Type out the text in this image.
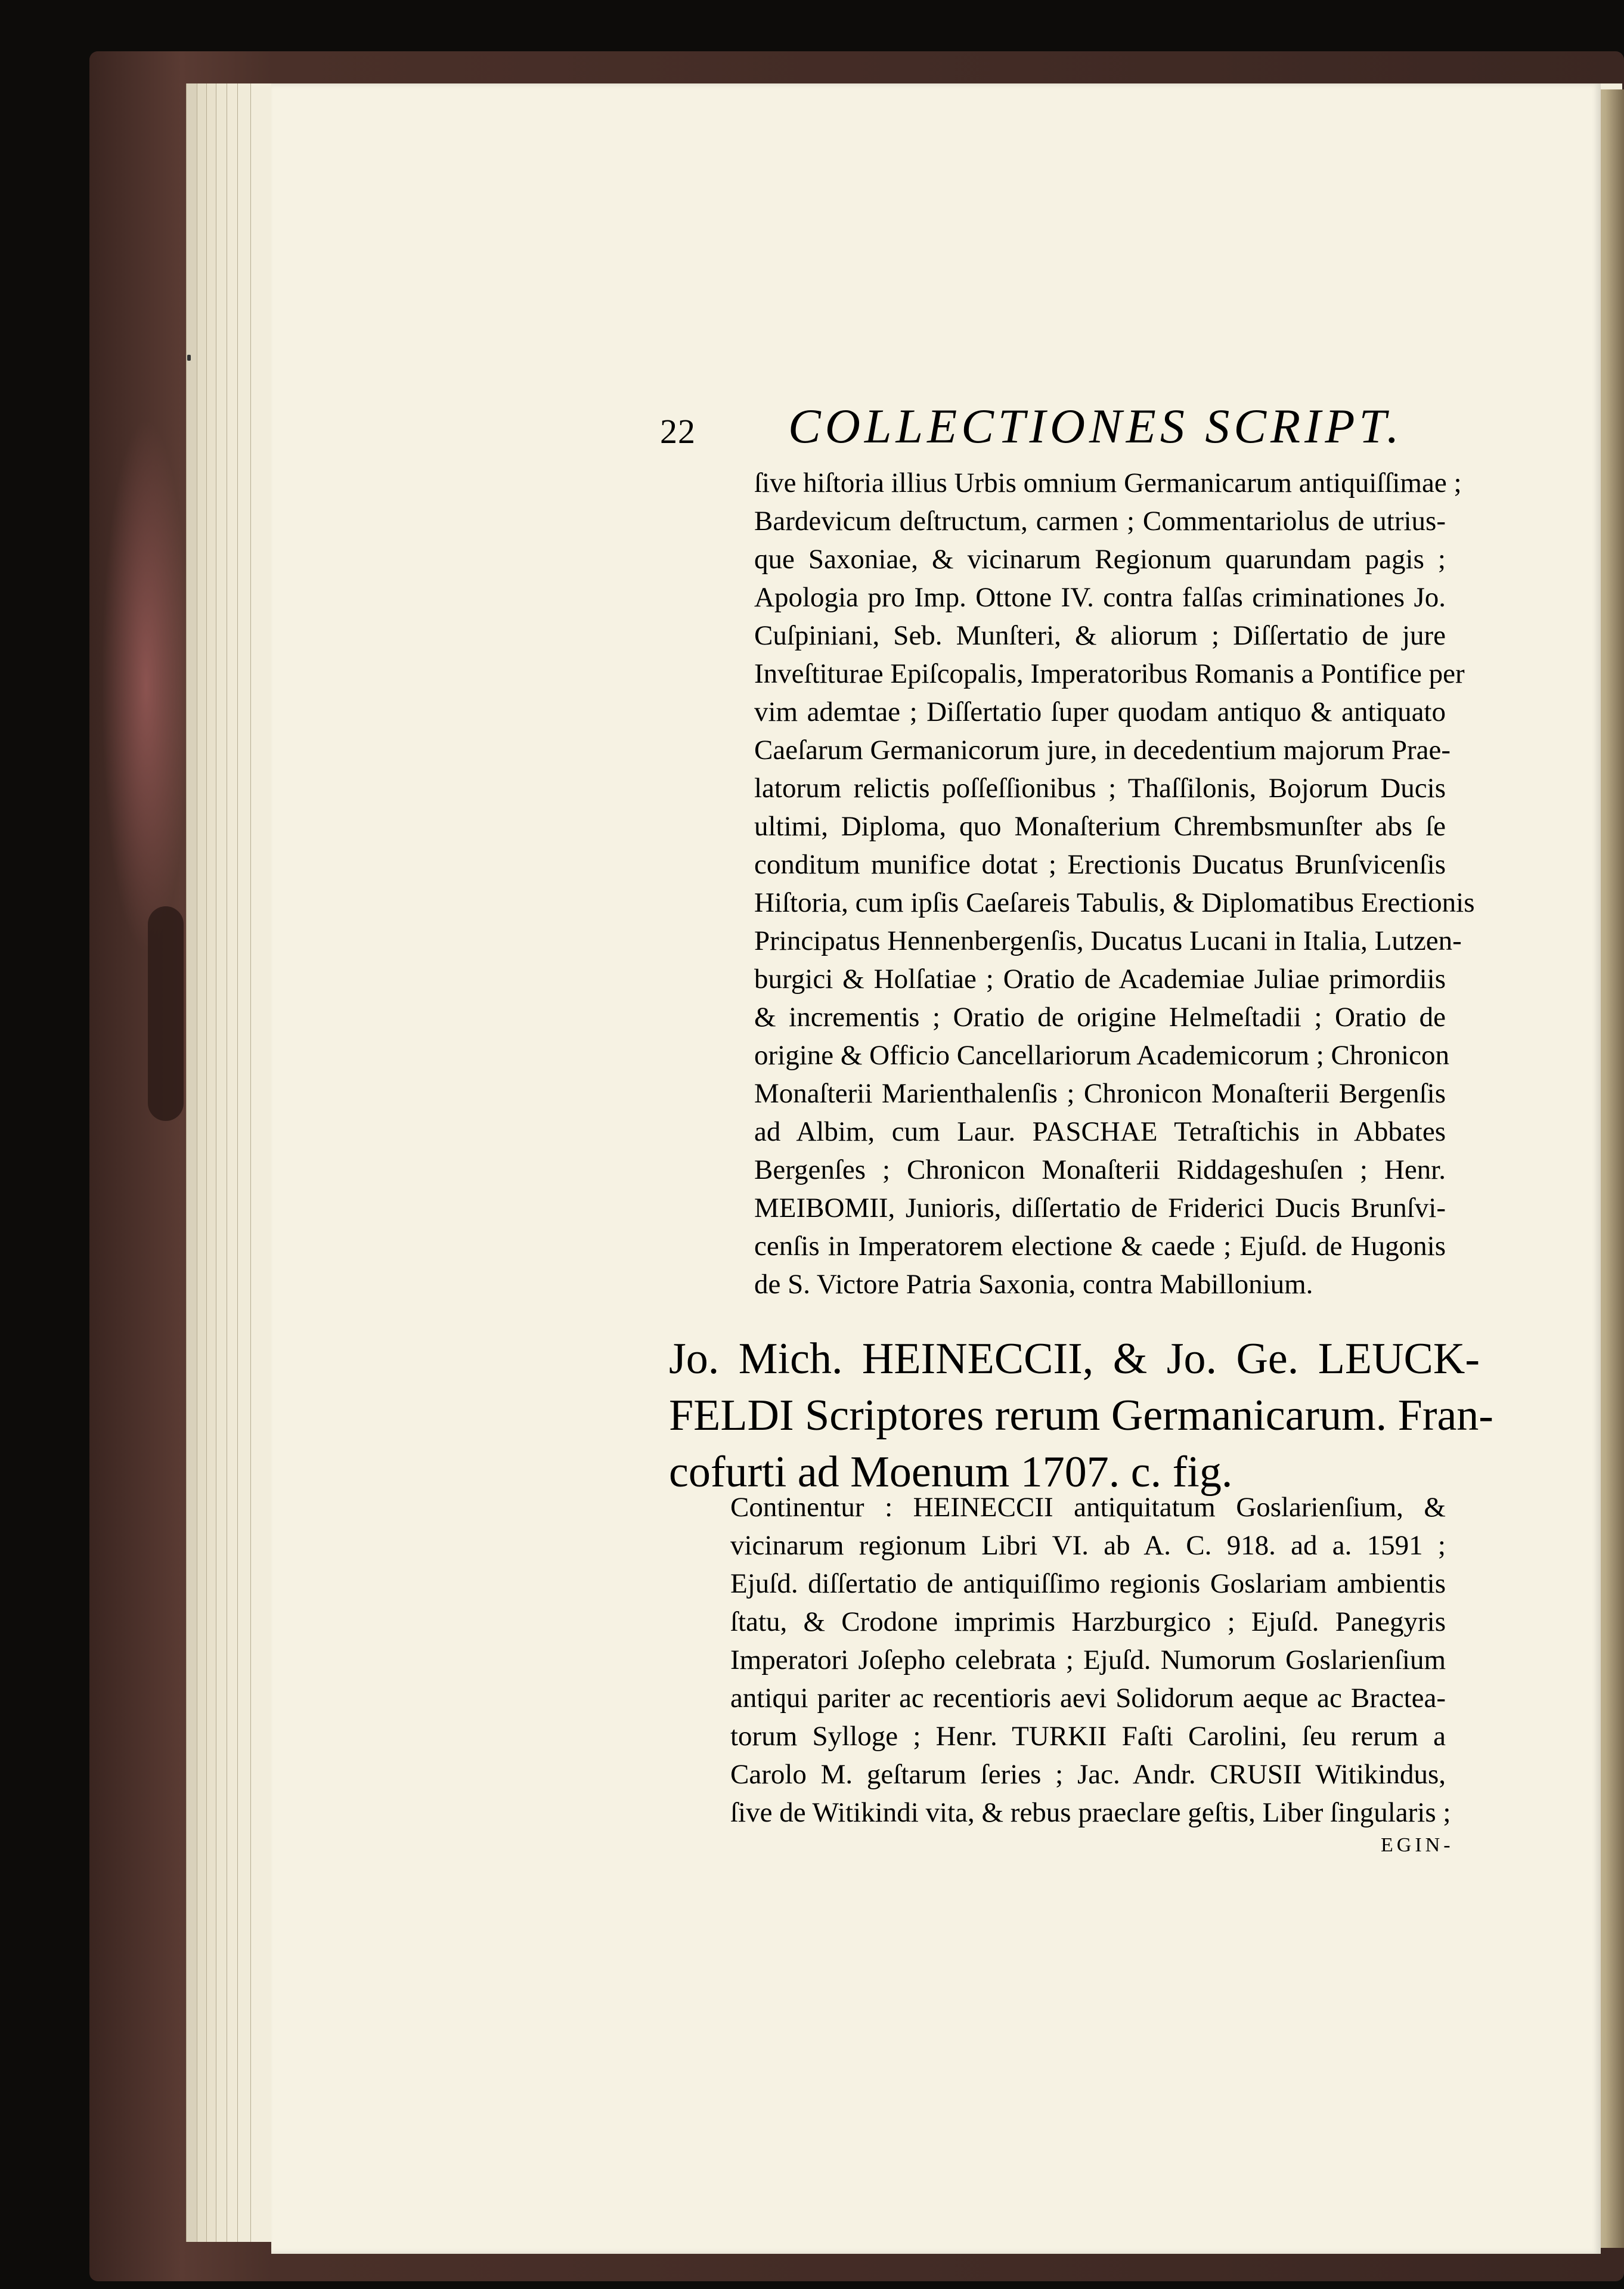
22 COLLECTIONES SCRIPT.
ſive hiſtoria illius Urbis omnium Germanicarum antiquiſſimae ;
Bardevicum deſtructum, carmen ; Commentariolus de utrius-
que Saxoniae, & vicinarum Regionum quarundam pagis ;
Apologia pro Imp. Ottone IV. contra falſas criminationes Jo.
Cuſpiniani, Seb. Munſteri, & aliorum ; Diſſertatio de jure
Inveſtiturae Epiſcopalis, Imperatoribus Romanis a Pontifice per
vim ademtae ; Diſſertatio ſuper quodam antiquo & antiquato
Caeſarum Germanicorum jure, in decedentium majorum Prae-
latorum relictis poſſeſſionibus ; Thaſſilonis, Bojorum Ducis
ultimi, Diploma, quo Monaſterium Chrembsmunſter abs ſe
conditum munifice dotat ; Erectionis Ducatus Brunſvicenſis
Hiſtoria, cum ipſis Caeſareis Tabulis, & Diplomatibus Erectionis
Principatus Hennenbergenſis, Ducatus Lucani in Italia, Lutzen-
burgici & Holſatiae ; Oratio de Academiae Juliae primordiis
& incrementis ; Oratio de origine Helmeſtadii ; Oratio de
origine & Officio Cancellariorum Academicorum ; Chronicon
Monaſterii Marienthalenſis ; Chronicon Monaſterii Bergenſis
ad Albim, cum Laur. PASCHAE Tetraſtichis in Abbates
Bergenſes ; Chronicon Monaſterii Riddageshuſen ; Henr.
MEIBOMII, Junioris, diſſertatio de Friderici Ducis Brunſvi-
cenſis in Imperatorem electione & caede ; Ejuſd. de Hugonis
de S. Victore Patria Saxonia, contra Mabillonium.
Jo. Mich. HEINECCII, & Jo. Ge. LEUCK-
FELDI Scriptores rerum Germanicarum. Fran-
cofurti ad Moenum 1707. c. fig.
Continentur : HEINECCII antiquitatum Goslarienſium, &
vicinarum regionum Libri VI. ab A. C. 918. ad a. 1591 ;
Ejuſd. diſſertatio de antiquiſſimo regionis Goslariam ambientis
ſtatu, & Crodone imprimis Harzburgico ; Ejuſd. Panegyris
Imperatori Joſepho celebrata ; Ejuſd. Numorum Goslarienſium
antiqui pariter ac recentioris aevi Solidorum aeque ac Bractea-
torum Sylloge ; Henr. TURKII Faſti Carolini, ſeu rerum a
Carolo M. geſtarum ſeries ; Jac. Andr. CRUSII Witikindus,
ſive de Witikindi vita, & rebus praeclare geſtis, Liber ſingularis ;
EGIN-
